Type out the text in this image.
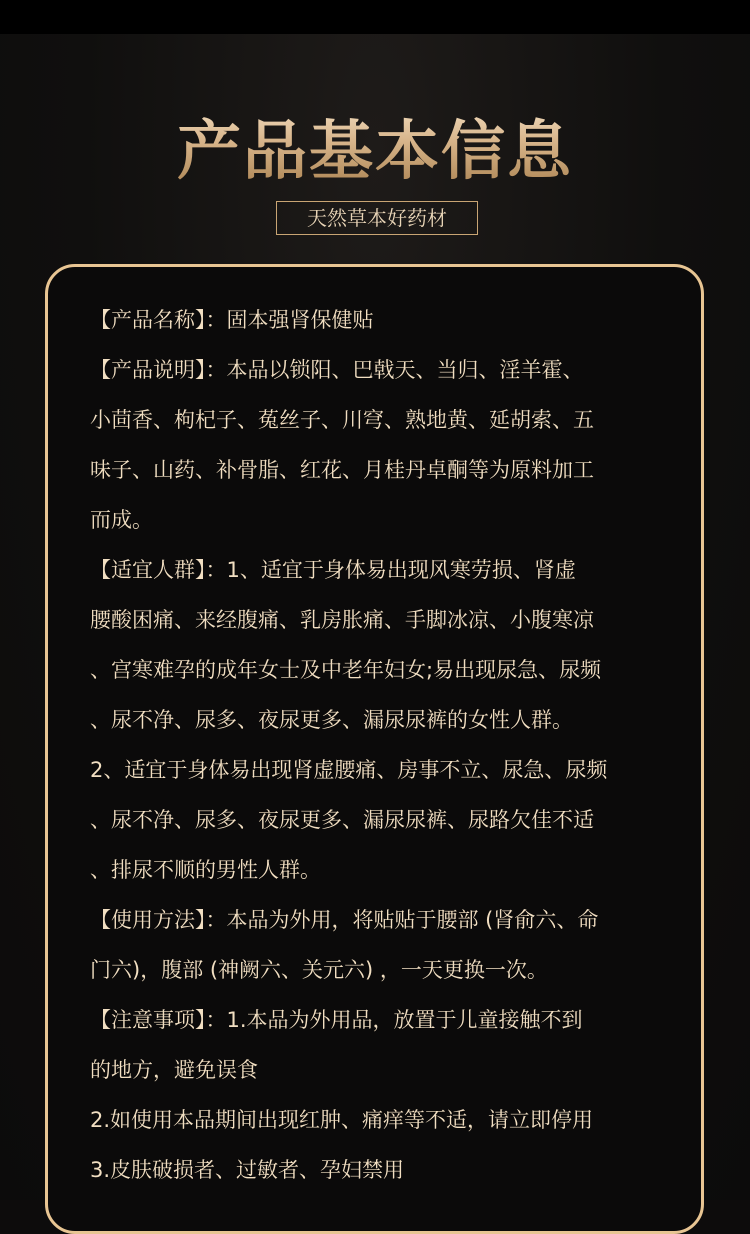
产品基本信息
天然草本好药材

【产品名称】：固本强肾保健贴

【产品说明】：本品以锁阳、巴戟天、当归、淫羊霍、

小茴香、枸杞子、菟丝子、川穹、熟地黄、延胡索、五

味子、山药、补骨脂、红花、月桂丹卓酮等为原料加工

而成。

【适宜人群】：1、适宜于身体易出现风寒劳损、肾虚

腰酸困痛、来经腹痛、乳房胀痛、手脚冰凉、小腹寒凉

、宫寒难孕的成年女士及中老年妇女;易出现尿急、尿频

、尿不净、尿多、夜尿更多、漏尿尿裤的女性人群。

2、适宜于身体易出现肾虚腰痛、房事不立、尿急、尿频

、尿不净、尿多、夜尿更多、漏尿尿裤、尿路欠佳不适

、排尿不顺的男性人群。

【使用方法】：本品为外用，将贴贴于腰部 (肾俞六、命

门六)，腹部 (神阙六、关元六) ，一天更换一次。

【注意事项】：1.本品为外用品，放置于儿童接触不到

的地方，避免误食

2.如使用本品期间出现红肿、痛痒等不适，请立即停用

3.皮肤破损者、过敏者、孕妇禁用
